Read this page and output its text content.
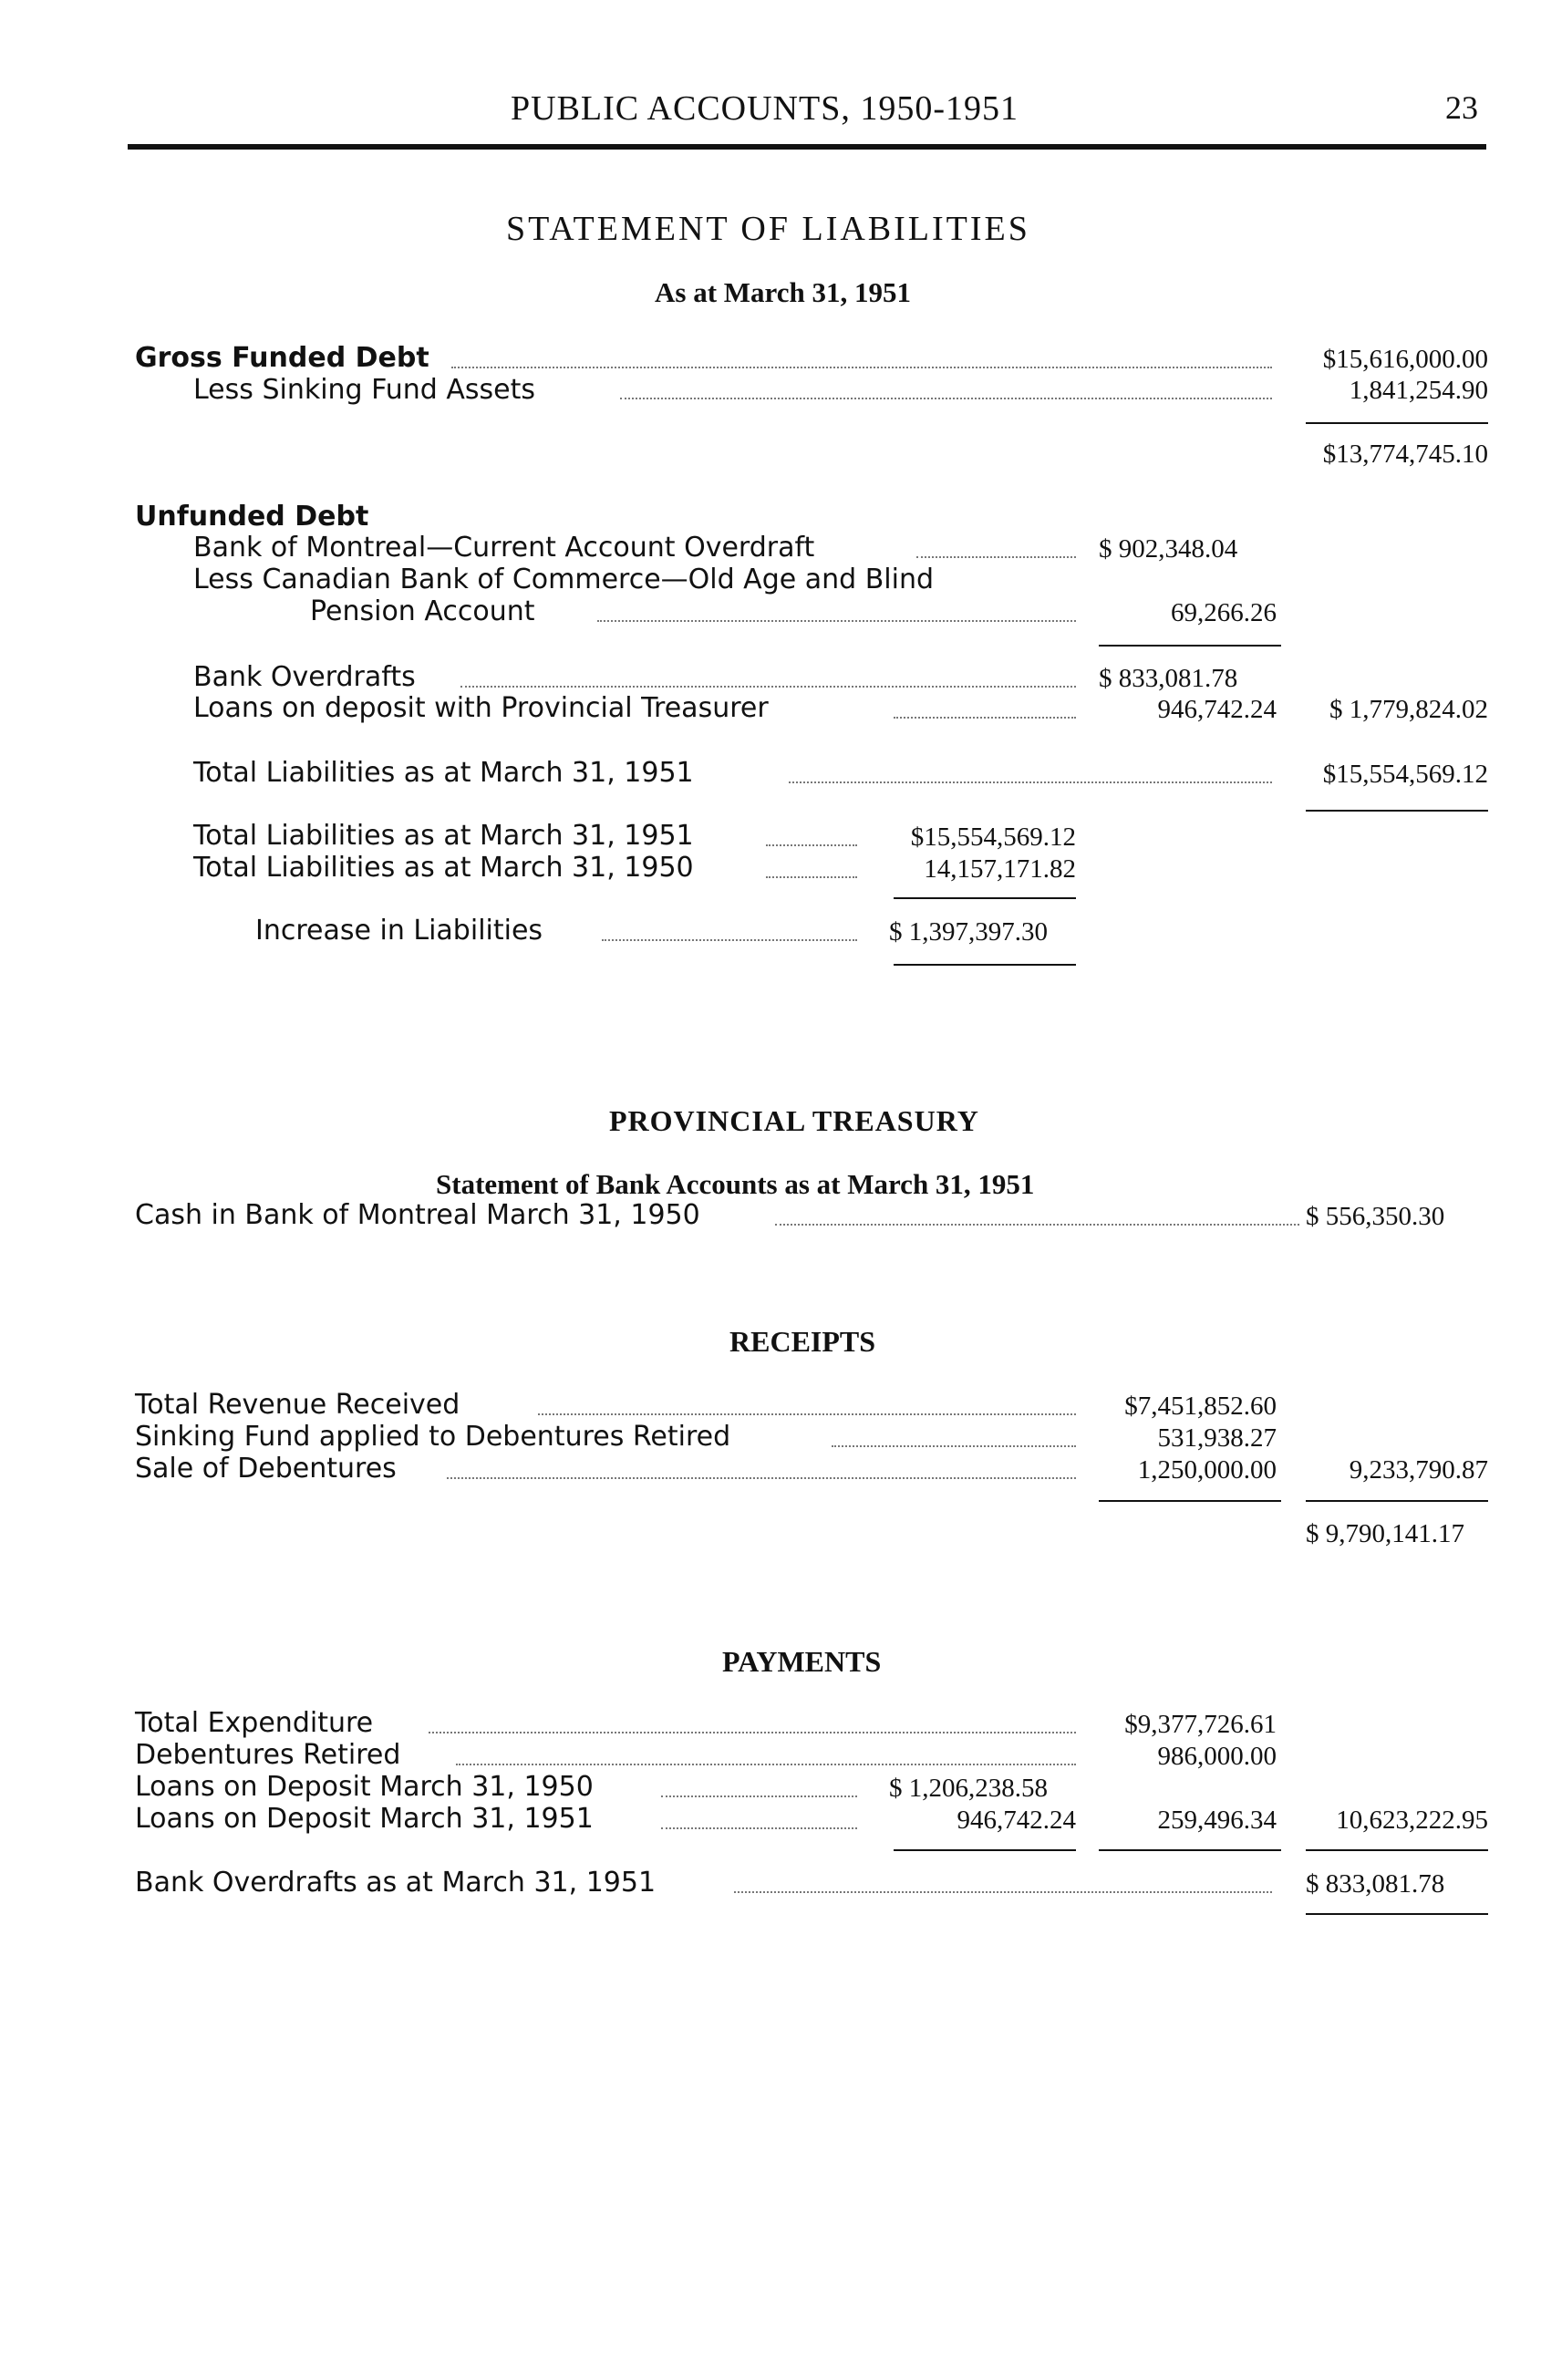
PUBLIC ACCOUNTS, 1950-1951	23
STATEMENT OF LIABILITIES
As at March 31, 1951
Gross Funded Debt	$15,616,000.00
Less Sinking Fund Assets	1,841,254.90
$13,774,745.10
Unfunded Debt
Bank of Montreal—Current Account Overdraft	$ 902,348.04
Less Canadian Bank of Commerce—Old Age and Blind
Pension Account	69,266.26
Bank Overdrafts	$ 833,081.78
Loans on deposit with Provincial Treasurer	946,742.24 $ 1,779,824.02
Total Liabilities as at March 31, 1951	$15,554,569.12
Total Liabilities as at March 31, 1951	$15,554,569.12
Total Liabilities as at March 31, 1950	14,157,171.82
Increase in Liabilities	$ 1,397,397.30
PROVINCIAL TREASURY
Statement of Bank Accounts as at March 31, 1951
Cash in Bank of Montreal March 31, 1950	$ 556,350.30
RECEIPTS
Total Revenue Received	$7,451,852.60
Sinking Fund applied to Debentures Retired	531,938.27
Sale of Debentures	1,250,000.00	9,233,790.87
$ 9,790,141.17
PAYMENTS
Total Expenditure	$9,377,726.61
Debentures Retired	986,000.00
Loans on Deposit March 31, 1950	$ 1,206,238.58
Loans on Deposit March 31, 1951	946,742.24	259,496.34 10,623,222.95
Bank Overdrafts as at March 31, 1951	$ 833,081.78
